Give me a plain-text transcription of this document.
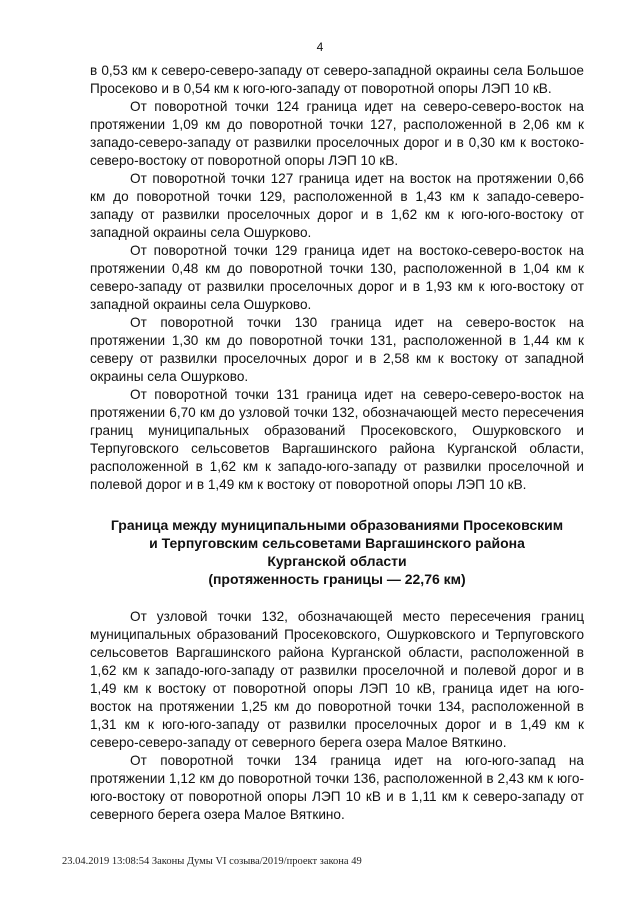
4

в 0,53 км к северо-северо-западу от северо-западной окраины села Большое Просеково и в 0,54 км к юго-юго-западу от поворотной опоры ЛЭП 10 кВ.

От поворотной точки 124 граница идет на северо-северо-восток на протяжении 1,09 км до поворотной точки 127, расположенной в 2,06 км к западо-северо-западу от развилки проселочных дорог и в 0,30 км к востоко-северо-востоку от поворотной опоры ЛЭП 10 кВ.

От поворотной точки 127 граница идет на восток на протяжении 0,66 км до поворотной точки 129, расположенной в 1,43 км к западо-северо-западу от развилки проселочных дорог и в 1,62 км к юго-юго-востоку от западной окраины села Ошурково.

От поворотной точки 129 граница идет на востоко-северо-восток на протяжении 0,48 км до поворотной точки 130, расположенной в 1,04 км к северо-западу от развилки проселочных дорог и в 1,93 км к юго-востоку от западной окраины села Ошурково.

От поворотной точки 130 граница идет на северо-восток на протяжении 1,30 км до поворотной точки 131, расположенной в 1,44 км к северу от развилки проселочных дорог и в 2,58 км к востоку от западной окраины села Ошурково.

От поворотной точки 131 граница идет на северо-северо-восток на протяжении 6,70 км до узловой точки 132, обозначающей место пересечения границ муниципальных образований Просековского, Ошурковского и Терпуговского сельсоветов Варгашинского района Курганской области, расположенной в 1,62 км к западо-юго-западу от развилки проселочной и полевой дорог и в 1,49 км к востоку от поворотной опоры ЛЭП 10 кВ.

Граница между муниципальными образованиями Просековским
и Терпуговским сельсоветами Варгашинского района
Курганской области
(протяженность границы — 22,76 км)

От узловой точки 132, обозначающей место пересечения границ муниципальных образований Просековского, Ошурковского и Терпуговского сельсоветов Варгашинского района Курганской области, расположенной в 1,62 км к западо-юго-западу от развилки проселочной и полевой дорог и в 1,49 км к востоку от поворотной опоры ЛЭП 10 кВ, граница идет на юго-восток на протяжении 1,25 км до поворотной точки 134, расположенной в 1,31 км к юго-юго-западу от развилки проселочных дорог и в 1,49 км к северо-северо-западу от северного берега озера Малое Вяткино.

От поворотной точки 134 граница идет на юго-юго-запад на протяжении 1,12 км до поворотной точки 136, расположенной в 2,43 км к юго-юго-востоку от поворотной опоры ЛЭП 10 кВ и в 1,11 км к северо-западу от северного берега озера Малое Вяткино.

23.04.2019 13:08:54 Законы Думы VI созыва/2019/проект закона 49
